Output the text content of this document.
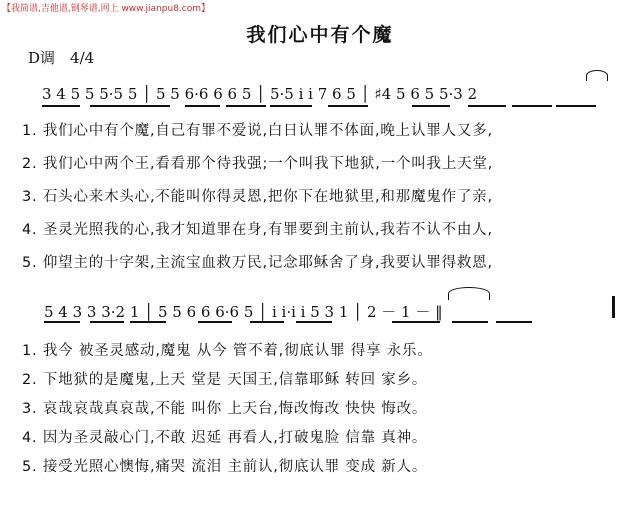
【我简谱,吉他谱,钢琴谱,网上 www.jianpu8.com】
我们心中有个魔
D调　4/4
3 4 5 5 5·5 5 │ 5 5 6·6 6 6 5 │ 5·5 i i 7 6 5 │ ♯4 5 6 5 5·3 2
1. 我们心中有个魔,自己有罪不爱说,白日认罪不体面,晚上认罪人又多,
2. 我们心中两个王,看看那个待我强;一个叫我下地狱,一个叫我上天堂,
3. 石头心来木头心,不能叫你得灵恩,把你下在地狱里,和那魔鬼作了亲,
4. 圣灵光照我的心,我才知道罪在身,有罪要到主前认,我若不认不由人,
5. 仰望主的十字架,主流宝血救万民,记念耶稣舍了身,我要认罪得救恩,
5 4 3 3 3·2 1 │ 5 5 6 6 6·6 5 │ i i·i i 5 3 1 │ 2 － 1 － ‖
1. 我今 被圣灵感动,魔鬼 从今 管不着,彻底认罪 得享 永乐。
2. 下地狱的是魔鬼,上天 堂是 天国王,信靠耶稣 转回 家乡。
3. 哀哉哀哉真哀哉,不能 叫你 上天台,悔改悔改 快快 悔改。
4. 因为圣灵敲心门,不敢 迟延 再看人,打破鬼脸 信靠 真神。
5. 接受光照心懊悔,痛哭 流泪 主前认,彻底认罪 变成 新人。
